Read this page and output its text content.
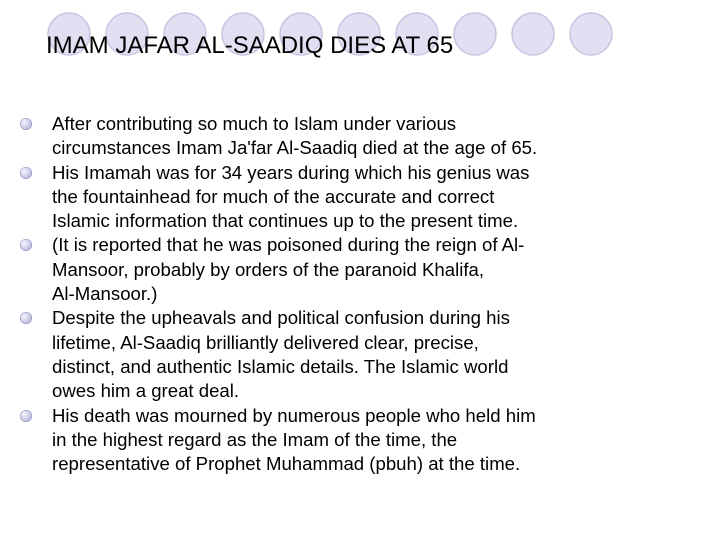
IMAM JAFAR AL-SAADIQ DIES AT 65
After contributing so much to Islam under various
circumstances Imam Ja'far Al‑Saadiq died at the age of 65.
His Imamah was for 34 years during which his genius was
the fountainhead for much of the accurate and correct
Islamic information that continues up to the present time.
(It is reported that he was poisoned during the reign of Al-
Mansoor, probably by orders of the paranoid Khalifa,
Al‑Mansoor.)
Despite the upheavals and political confusion during his
lifetime, Al‑Saadiq brilliantly delivered clear, precise,
distinct, and authentic Islamic details. The Islamic world
owes him a great deal.
His death was mourned by numerous people who held him
in the highest regard as the Imam of the time, the
representative of Prophet Muhammad (pbuh) at the time.
